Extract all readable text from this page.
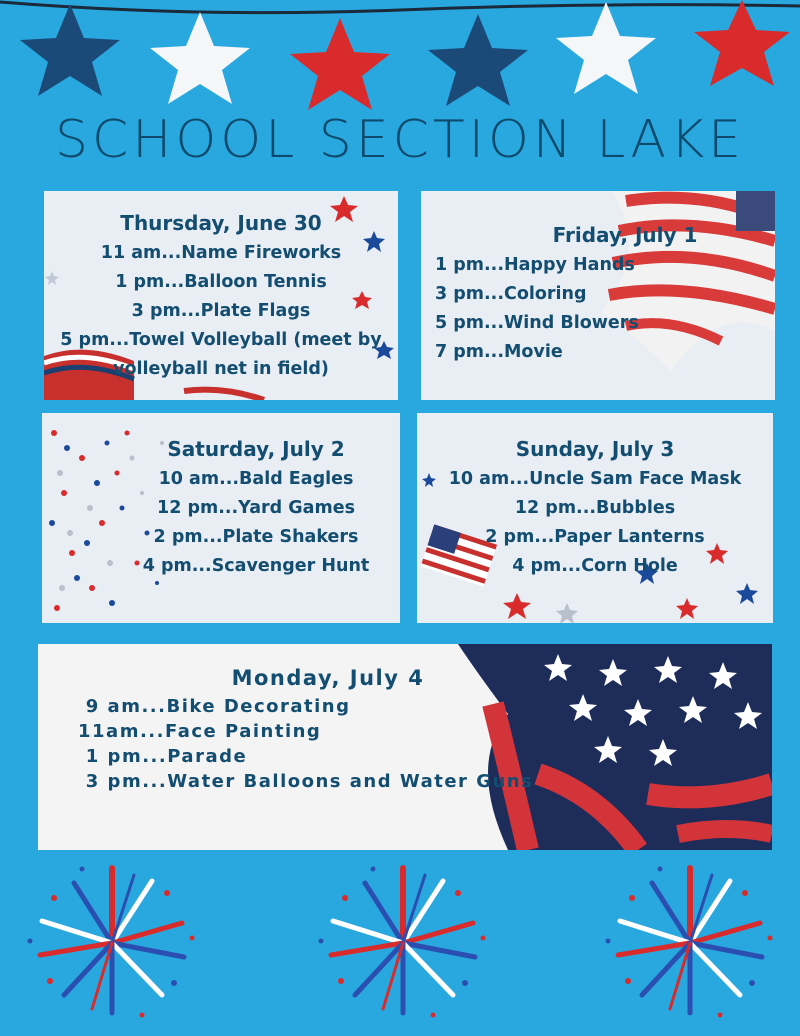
SCHOOL SECTION LAKE
Thursday, June 30
11 am...Name Fireworks
1 pm...Balloon Tennis
3 pm...Plate Flags
5 pm...Towel Volleyball (meet by
volleyball net in field)
Friday, July 1
1 pm...Happy Hands
3 pm...Coloring
5 pm...Wind Blowers
7 pm...Movie
Saturday, July 2
10 am...Bald Eagles
12 pm...Yard Games
2 pm...Plate Shakers
4 pm...Scavenger Hunt
Sunday, July 3
10 am...Uncle Sam Face Mask
12 pm...Bubbles
2 pm...Paper Lanterns
4 pm...Corn Hole
Monday, July 4
9 am...Bike Decorating
11am...Face Painting
1 pm...Parade
3 pm...Water Balloons and Water Guns
